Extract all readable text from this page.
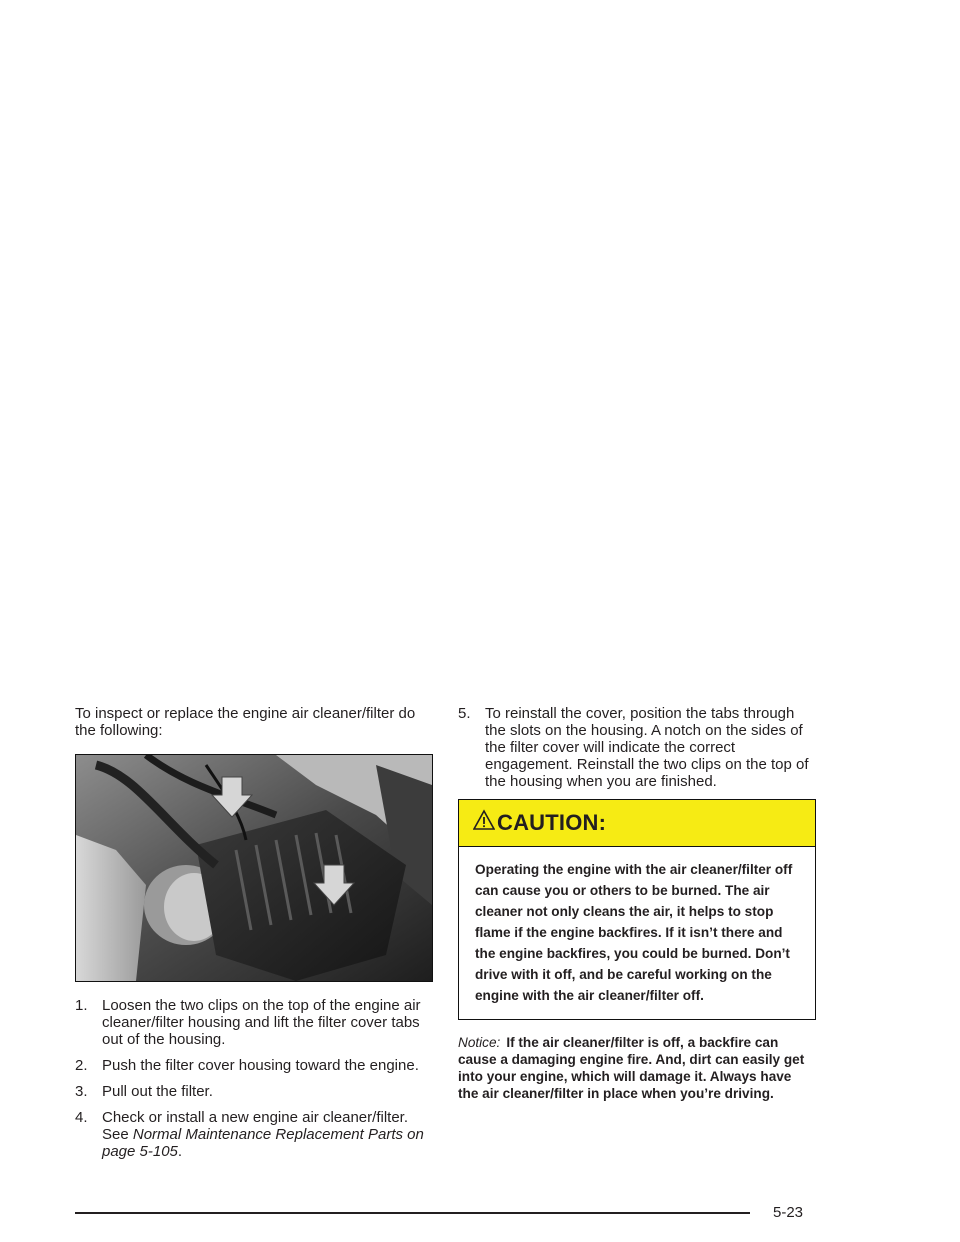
To inspect or replace the engine air cleaner/filter do the following:

1. Loosen the two clips on the top of the engine air cleaner/filter housing and lift the filter cover tabs out of the housing.
2. Push the filter cover housing toward the engine.
3. Pull out the filter.
4. Check or install a new engine air cleaner/filter. See Normal Maintenance Replacement Parts on page 5-105.
5. To reinstall the cover, position the tabs through the slots on the housing. A notch on the sides of the filter cover will indicate the correct engagement. Reinstall the two clips on the top of the housing when you are finished.
CAUTION:
Operating the engine with the air cleaner/filter off can cause you or others to be burned. The air cleaner not only cleans the air, it helps to stop flame if the engine backfires. If it isn’t there and the engine backfires, you could be burned. Don’t drive with it off, and be careful working on the engine with the air cleaner/filter off.
Notice: If the air cleaner/filter is off, a backfire can cause a damaging engine fire. And, dirt can easily get into your engine, which will damage it. Always have the air cleaner/filter in place when you’re driving.
5-23
